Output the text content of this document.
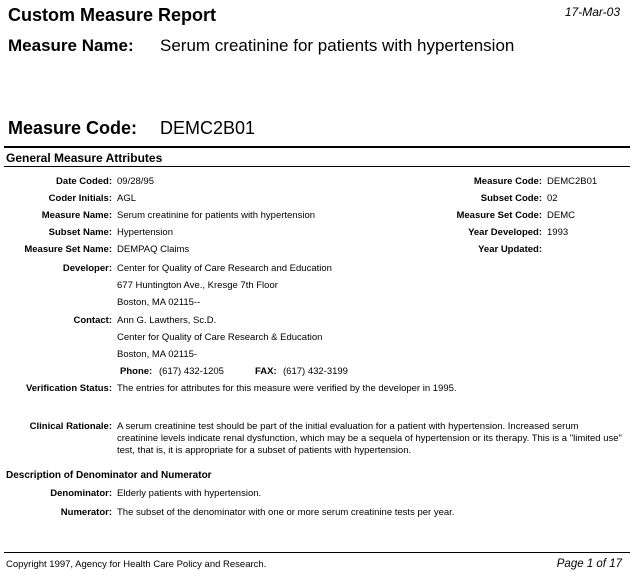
Custom Measure Report	17-Mar-03
Measure Name: Serum creatinine for patients with hypertension
Measure Code: DEMC2B01
General Measure Attributes
Date Coded: 09/28/95
Coder Initials: AGL
Measure Name: Serum creatinine for patients with hypertension
Subset Name: Hypertension
Measure Set Name: DEMPAQ Claims
Measure Code: DEMC2B01
Subset Code: 02
Measure Set Code: DEMC
Year Developed: 1993
Year Updated:
Developer: Center for Quality of Care Research and Education
677 Huntington Ave., Kresge 7th Floor
Boston, MA 02115--
Contact: Ann G. Lawthers, Sc.D.
Center for Quality of Care Research & Education
Boston, MA 02115-
Phone: (617) 432-1205	FAX: (617) 432-3199
Verification Status: The entries for attributes for this measure were verified by the developer in 1995.
Clinical Rationale: A serum creatinine test should be part of the initial evaluation for a patient with hypertension. Increased serum creatinine levels indicate renal dysfunction, which may be a sequela of hypertension or its therapy. This is a "limited use" test, that is, it is appropriate for a subset of patients with hypertension.
Description of Denominator and Numerator
Denominator: Elderly patients with hypertension.
Numerator: The subset of the denominator with one or more serum creatinine tests per year.
Copyright 1997, Agency for Health Care Policy and Research.	Page 1 of 17
